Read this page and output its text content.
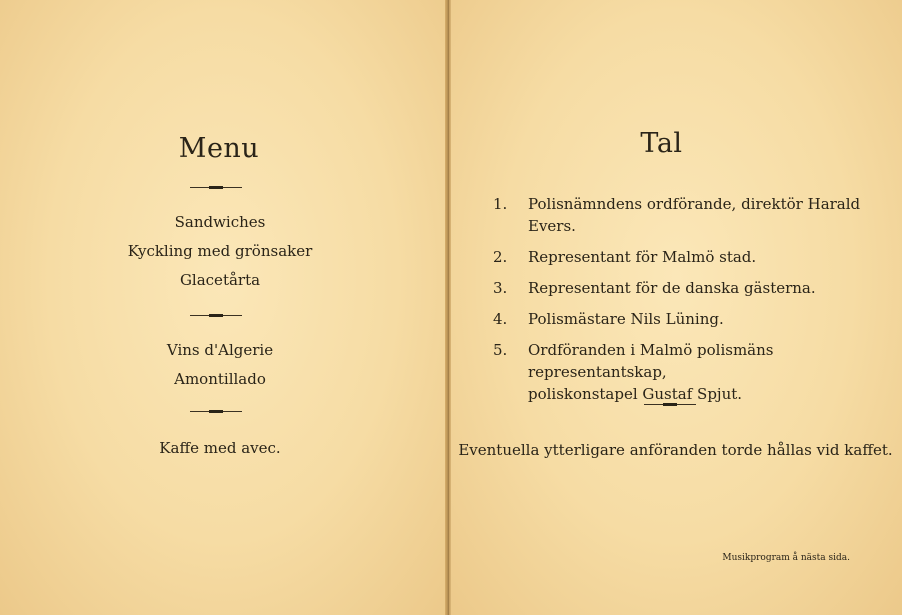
Menu
Sandwiches
Kyckling med grönsaker
Glacetårta
Vins d'Algerie
Amontillado
Kaffe med avec.
Tal
1. Polisnämndens ordförande, direktör Harald Evers.
2. Representant för Malmö stad.
3. Representant för de danska gästerna.
4. Polismästare Nils Lüning.
5. Ordföranden i Malmö polismäns representantskap,
poliskonstapel Gustaf Spjut.
Eventuella ytterligare anföranden torde hållas vid kaffet.
Musikprogram å nästa sida.
